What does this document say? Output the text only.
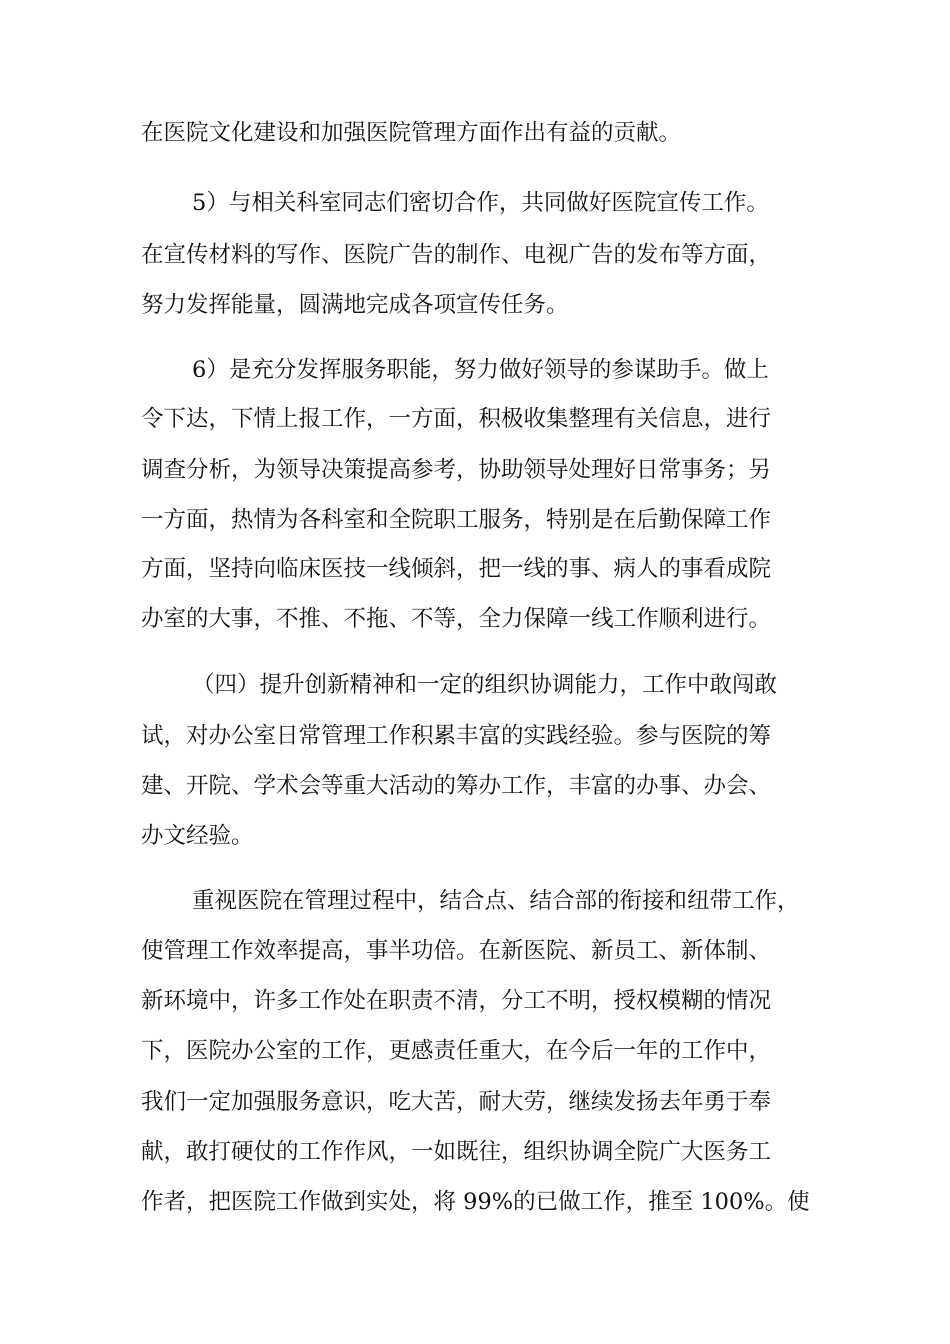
在医院文化建设和加强医院管理方面作出有益的贡献。
5）与相关科室同志们密切合作，共同做好医院宣传工作。
在宣传材料的写作、医院广告的制作、电视广告的发布等方面，
努力发挥能量，圆满地完成各项宣传任务。
6）是充分发挥服务职能，努力做好领导的参谋助手。做上
令下达，下情上报工作，一方面，积极收集整理有关信息，进行
调查分析，为领导决策提高参考，协助领导处理好日常事务；另
一方面，热情为各科室和全院职工服务，特别是在后勤保障工作
方面，坚持向临床医技一线倾斜，把一线的事、病人的事看成院
办室的大事，不推、不拖、不等，全力保障一线工作顺利进行。
（四）提升创新精神和一定的组织协调能力，工作中敢闯敢
试，对办公室日常管理工作积累丰富的实践经验。参与医院的筹
建、开院、学术会等重大活动的筹办工作，丰富的办事、办会、
办文经验。
重视医院在管理过程中，结合点、结合部的衔接和纽带工作，
使管理工作效率提高，事半功倍。在新医院、新员工、新体制、
新环境中，许多工作处在职责不清，分工不明，授权模糊的情况
下，医院办公室的工作，更感责任重大，在今后一年的工作中，
我们一定加强服务意识，吃大苦，耐大劳，继续发扬去年勇于奉
献，敢打硬仗的工作作风，一如既往，组织协调全院广大医务工
作者，把医院工作做到实处，将 99%的已做工作，推至 100%。使
